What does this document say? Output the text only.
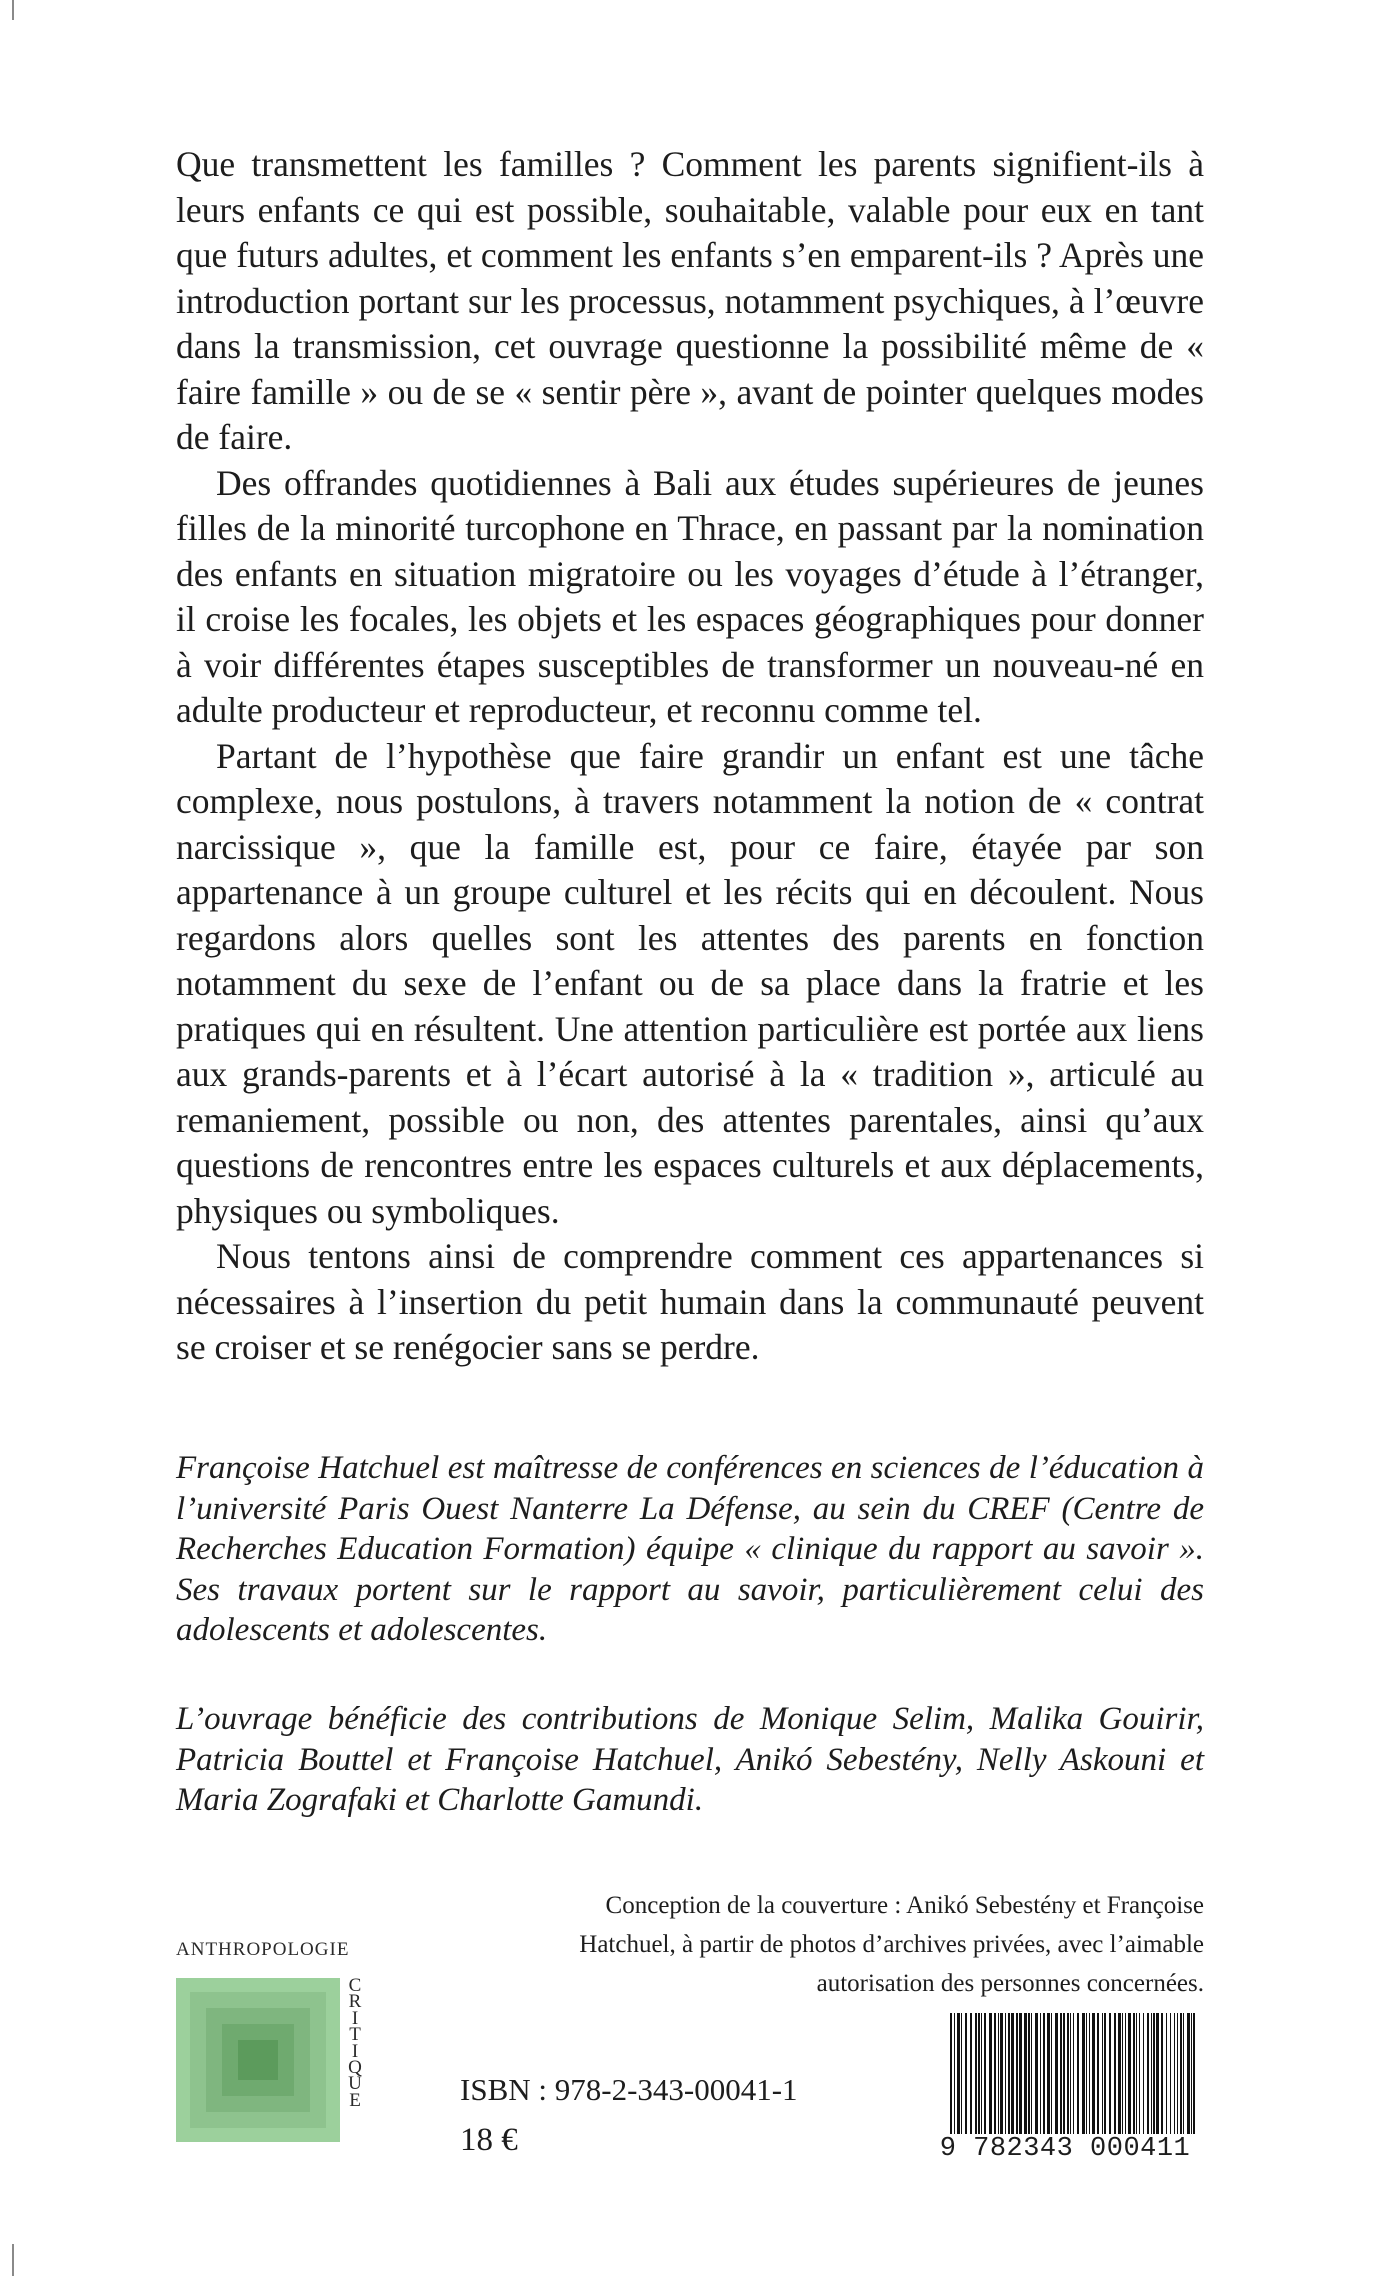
Que transmettent les familles ? Comment les parents signifient-ils à leurs enfants ce qui est possible, souhaitable, valable pour eux en tant que futurs adultes, et comment les enfants s’en emparent-ils ? Après une introduction portant sur les processus, notamment psychiques, à l’œuvre dans la transmission, cet ouvrage questionne la possibilité même de « faire famille » ou de se « sentir père », avant de pointer quelques modes de faire.

Des offrandes quotidiennes à Bali aux études supérieures de jeunes filles de la minorité turcophone en Thrace, en passant par la nomination des enfants en situation migratoire ou les voyages d’étude à l’étranger, il croise les focales, les objets et les espaces géographiques pour donner à voir différentes étapes susceptibles de transformer un nouveau-né en adulte producteur et reproducteur, et reconnu comme tel.

Partant de l’hypothèse que faire grandir un enfant est une tâche complexe, nous postulons, à travers notamment la notion de « contrat narcissique », que la famille est, pour ce faire, étayée par son appartenance à un groupe culturel et les récits qui en découlent. Nous regardons alors quelles sont les attentes des parents en fonction notamment du sexe de l’enfant ou de sa place dans la fratrie et les pratiques qui en résultent. Une attention particulière est portée aux liens aux grands-parents et à l’écart autorisé à la « tradition », articulé au remaniement, possible ou non, des attentes parentales, ainsi qu’aux questions de rencontres entre les espaces culturels et aux déplacements, physiques ou symboliques.

Nous tentons ainsi de comprendre comment ces appartenances si nécessaires à l’insertion du petit humain dans la communauté peuvent se croiser et se renégocier sans se perdre.

Françoise Hatchuel est maîtresse de conférences en sciences de l’éducation à l’université Paris Ouest Nanterre La Défense, au sein du CREF (Centre de Recherches Education Formation) équipe « clinique du rapport au savoir ». Ses travaux portent sur le rapport au savoir, particulièrement celui des adolescents et adolescentes.

L’ouvrage bénéficie des contributions de Monique Selim, Malika Gouirir, Patricia Bouttel et Françoise Hatchuel, Anikó Sebestény, Nelly Askouni et Maria Zografaki et Charlotte Gamundi.

Conception de la couverture : Anikó Sebestény et Françoise Hatchuel, à partir de photos d’archives privées, avec l’aimable autorisation des personnes concernées.

ANTHROPOLOGIE
C
R
I
T
I
Q
U
E	ISBN : 978-2-343-00041-1
18 €	9 782343 000411
